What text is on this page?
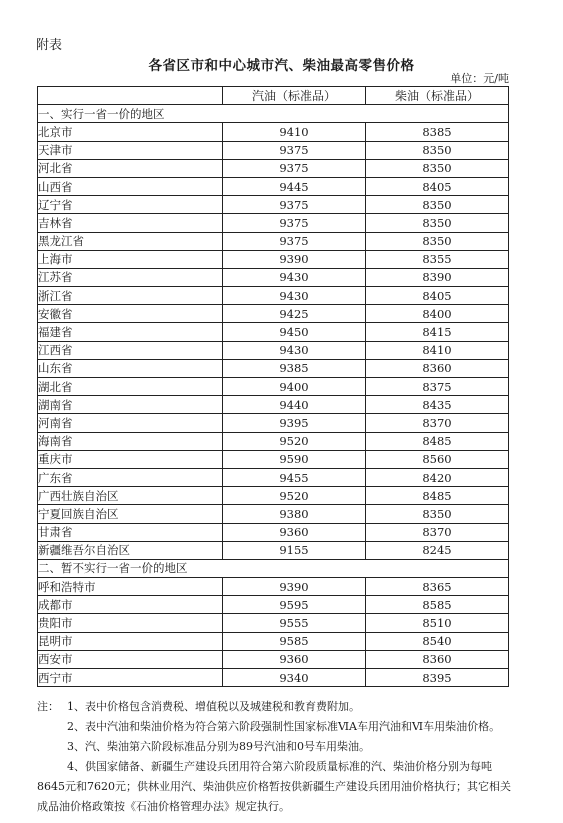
附表
各省区市和中心城市汽、柴油最高零售价格
单位：元/吨
	汽油（标准品）	柴油（标准品）
一、实行一省一价的地区		
北京市	9410	8385
天津市	9375	8350
河北省	9375	8350
山西省	9445	8405
辽宁省	9375	8350
吉林省	9375	8350
黑龙江省	9375	8350
上海市	9390	8355
江苏省	9430	8390
浙江省	9430	8405
安徽省	9425	8400
福建省	9450	8415
江西省	9430	8410
山东省	9385	8360
湖北省	9400	8375
湖南省	9440	8435
河南省	9395	8370
海南省	9520	8485
重庆市	9590	8560
广东省	9455	8420
广西壮族自治区	9520	8485
宁夏回族自治区	9380	8350
甘肃省	9360	8370
新疆维吾尔自治区	9155	8245
二、暂不实行一省一价的地区		
呼和浩特市	9390	8365
成都市	9595	8585
贵阳市	9555	8510
昆明市	9585	8540
西安市	9360	8360
西宁市	9340	8395

注： 1、表中价格包含消费税、增值税以及城建税和教育费附加。

2、表中汽油和柴油价格为符合第六阶段强制性国家标准ⅥA车用汽油和Ⅵ车用柴油价格。

3、汽、柴油第六阶段标准品分别为89号汽油和0号车用柴油。

4、供国家储备、新疆生产建设兵团用符合第六阶段质量标准的汽、柴油价格分别为每吨8645元和7620元；供林业用汽、柴油供应价格暂按供新疆生产建设兵团用油价格执行；其它相关成品油价格政策按《石油价格管理办法》规定执行。
